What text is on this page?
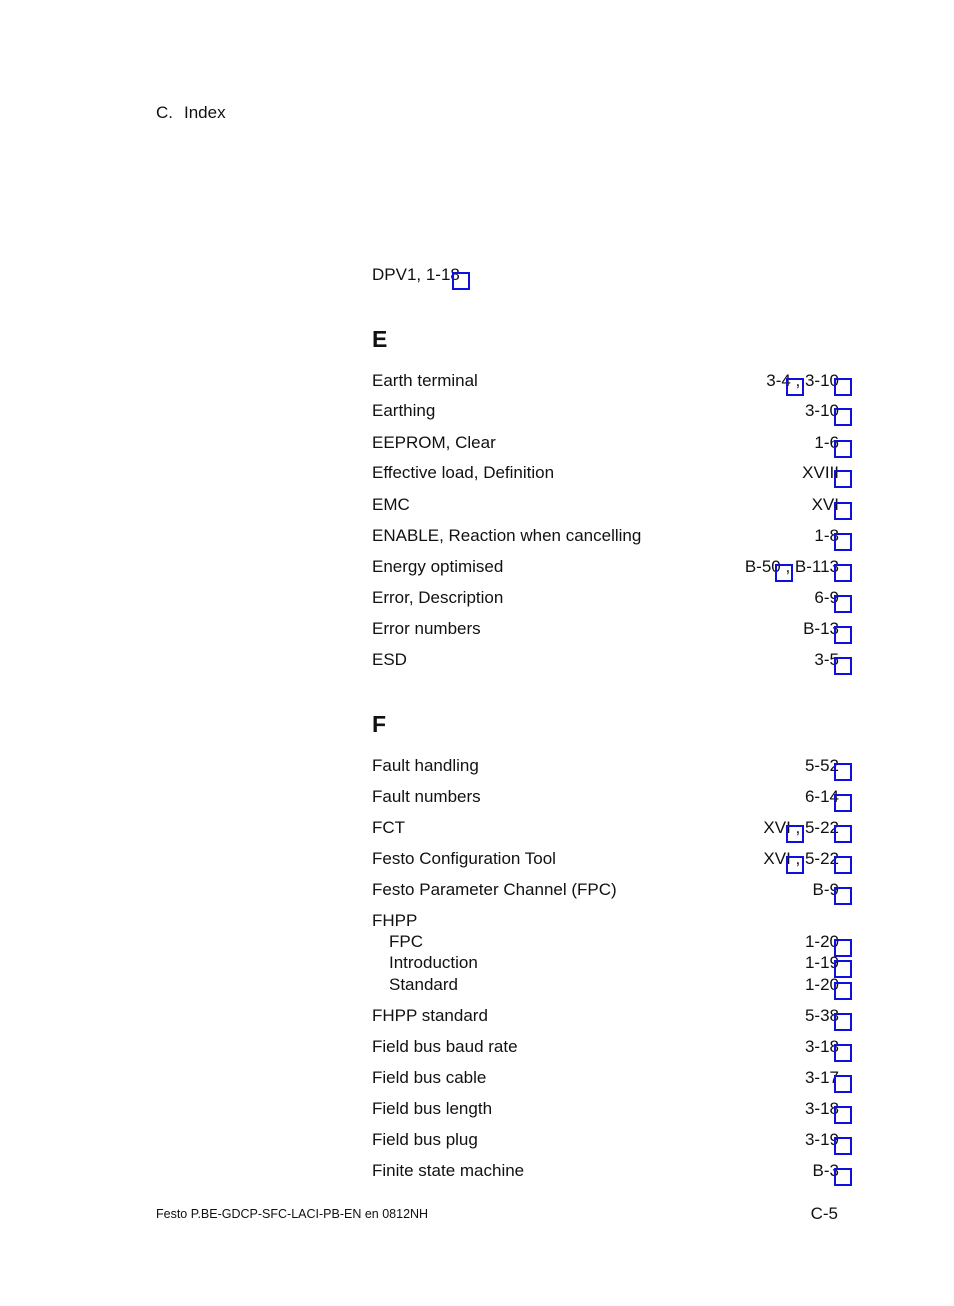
C. Index
DPV1, 1-18
E
Earth terminal	3-4 , 3-10
Earthing	3-10
EEPROM, Clear	1-6
Effective load, Definition	XVIII
EMC	XVI
ENABLE, Reaction when cancelling	1-8
Energy optimised	B-50 , B-113
Error, Description	6-9
Error numbers	B-13
ESD	3-5
F
Fault handling	5-52
Fault numbers	6-14
FCT	XVI , 5-22
Festo Configuration Tool	XVI , 5-22
Festo Parameter Channel (FPC)	B-9
FHPP
FPC	1-20
Introduction	1-19
Standard	1-20
FHPP standard	5-38
Field bus baud rate	3-18
Field bus cable	3-17
Field bus length	3-18
Field bus plug	3-19
Finite state machine	B-3
Festo P.BE-GDCP-SFC-LACI-PB-EN en 0812NH	C-5
